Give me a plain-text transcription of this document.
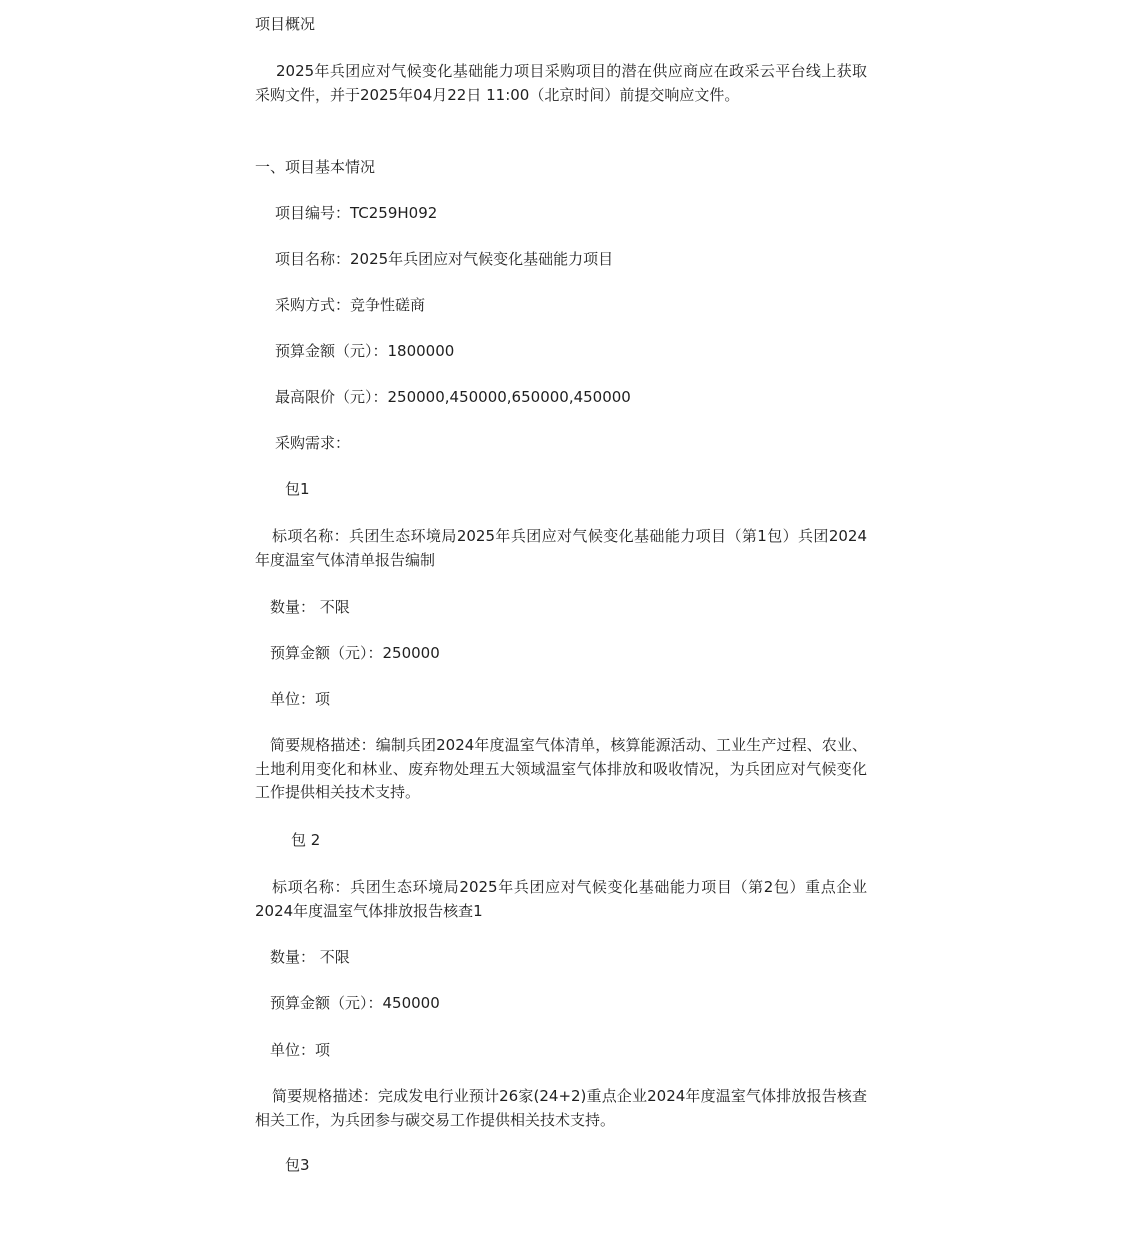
项目概况
2025年兵团应对气候变化基础能力项目采购项目的潜在供应商应在政采云平台线上获取采购文件，并于2025年04月22日 11:00（北京时间）前提交响应文件。
一、项目基本情况
项目编号：TC259H092
项目名称：2025年兵团应对气候变化基础能力项目
采购方式：竞争性磋商
预算金额（元）：1800000
最高限价（元）：250000,450000,650000,450000
采购需求：
包1
标项名称：兵团生态环境局2025年兵团应对气候变化基础能力项目（第1包）兵团2024年度温室气体清单报告编制
数量： 不限
预算金额（元）：250000
单位：项
简要规格描述：编制兵团2024年度温室气体清单，核算能源活动、工业生产过程、农业、土地利用变化和林业、废弃物处理五大领域温室气体排放和吸收情况，为兵团应对气候变化工作提供相关技术支持。
包 2
标项名称：兵团生态环境局2025年兵团应对气候变化基础能力项目（第2包）重点企业2024年度温室气体排放报告核查1
数量： 不限
预算金额（元）：450000
单位：项
简要规格描述：完成发电行业预计26家(24+2)重点企业2024年度温室气体排放报告核查相关工作，为兵团参与碳交易工作提供相关技术支持。
包3
